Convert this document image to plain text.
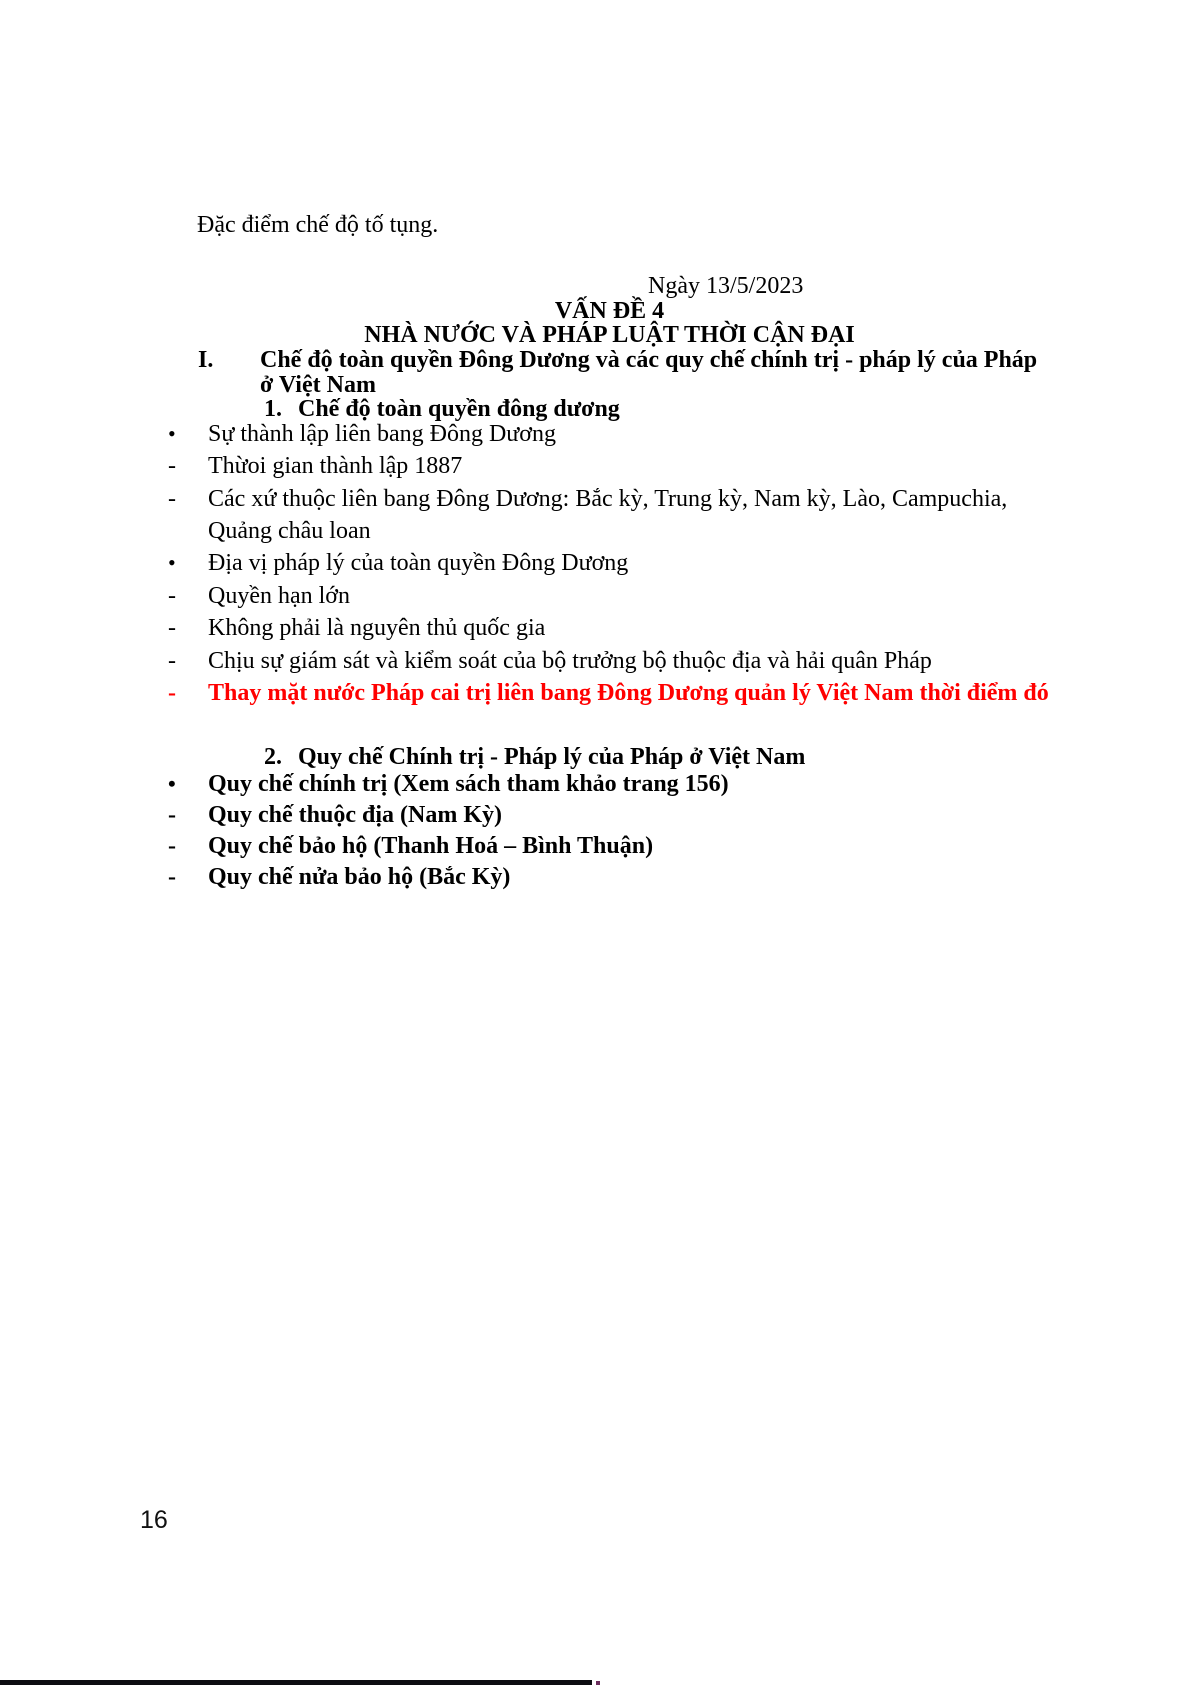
Đặc điểm chế độ tố tụng.
Ngày 13/5/2023
VẤN ĐỀ 4
NHÀ NƯỚC VÀ PHÁP LUẬT THỜI CẬN ĐẠI
I. Chế độ toàn quyền Đông Dương và các quy chế chính trị - pháp lý của Pháp
ở Việt Nam
1. Chế độ toàn quyền đông dương
• Sự thành lập liên bang Đông Dương
- Thừoi gian thành lập 1887
- Các xứ thuộc liên bang Đông Dương: Bắc kỳ, Trung kỳ, Nam kỳ, Lào, Campuchia,
Quảng châu loan
• Địa vị pháp lý của toàn quyền Đông Dương
- Quyền hạn lớn
- Không phải là nguyên thủ quốc gia
- Chịu sự giám sát và kiểm soát của bộ trưởng bộ thuộc địa và hải quân Pháp
- Thay mặt nước Pháp cai trị liên bang Đông Dương quản lý Việt Nam thời điểm đó
2. Quy chế Chính trị - Pháp lý của Pháp ở Việt Nam
• Quy chế chính trị (Xem sách tham khảo trang 156)
- Quy chế thuộc địa (Nam Kỳ)
- Quy chế bảo hộ (Thanh Hoá – Bình Thuận)
- Quy chế nửa bảo hộ (Bắc Kỳ)
16
